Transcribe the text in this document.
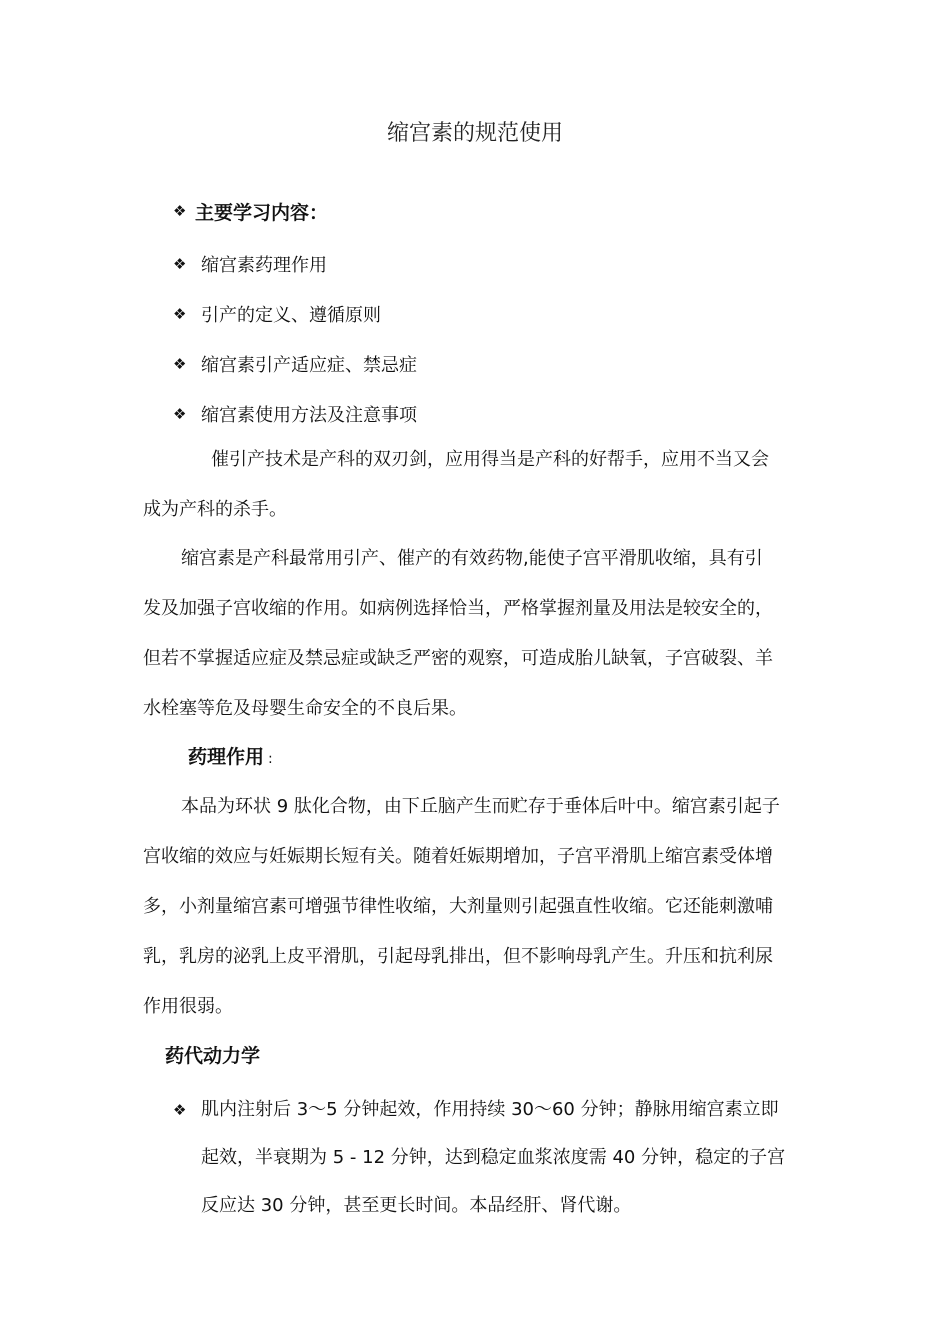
缩宫素的规范使用
❖ 主要学习内容：
❖ 缩宫素药理作用
❖ 引产的定义、遵循原则
❖ 缩宫素引产适应症、禁忌症
❖ 缩宫素使用方法及注意事项
催引产技术是产科的双刃剑，应用得当是产科的好帮手，应用不当又会
成为产科的杀手。
缩宫素是产科最常用引产、催产的有效药物,能使子宫平滑肌收缩，具有引
发及加强子宫收缩的作用。如病例选择恰当，严格掌握剂量及用法是较安全的，
但若不掌握适应症及禁忌症或缺乏严密的观察，可造成胎儿缺氧，子宫破裂、羊
水栓塞等危及母婴生命安全的不良后果。
药理作用 :
本品为环状 9 肽化合物，由下丘脑产生而贮存于垂体后叶中。缩宫素引起子
宫收缩的效应与妊娠期长短有关。随着妊娠期增加，子宫平滑肌上缩宫素受体增
多，小剂量缩宫素可增强节律性收缩，大剂量则引起强直性收缩。它还能刺激哺
乳，乳房的泌乳上皮平滑肌，引起母乳排出，但不影响母乳产生。升压和抗利尿
作用很弱。
药代动力学
❖ 肌内注射后 3～5 分钟起效，作用持续 30～60 分钟；静脉用缩宫素立即
起效，半衰期为 5 - 12 分钟，达到稳定血浆浓度需 40 分钟，稳定的子宫
反应达 30 分钟，甚至更长时间。本品经肝、肾代谢。
